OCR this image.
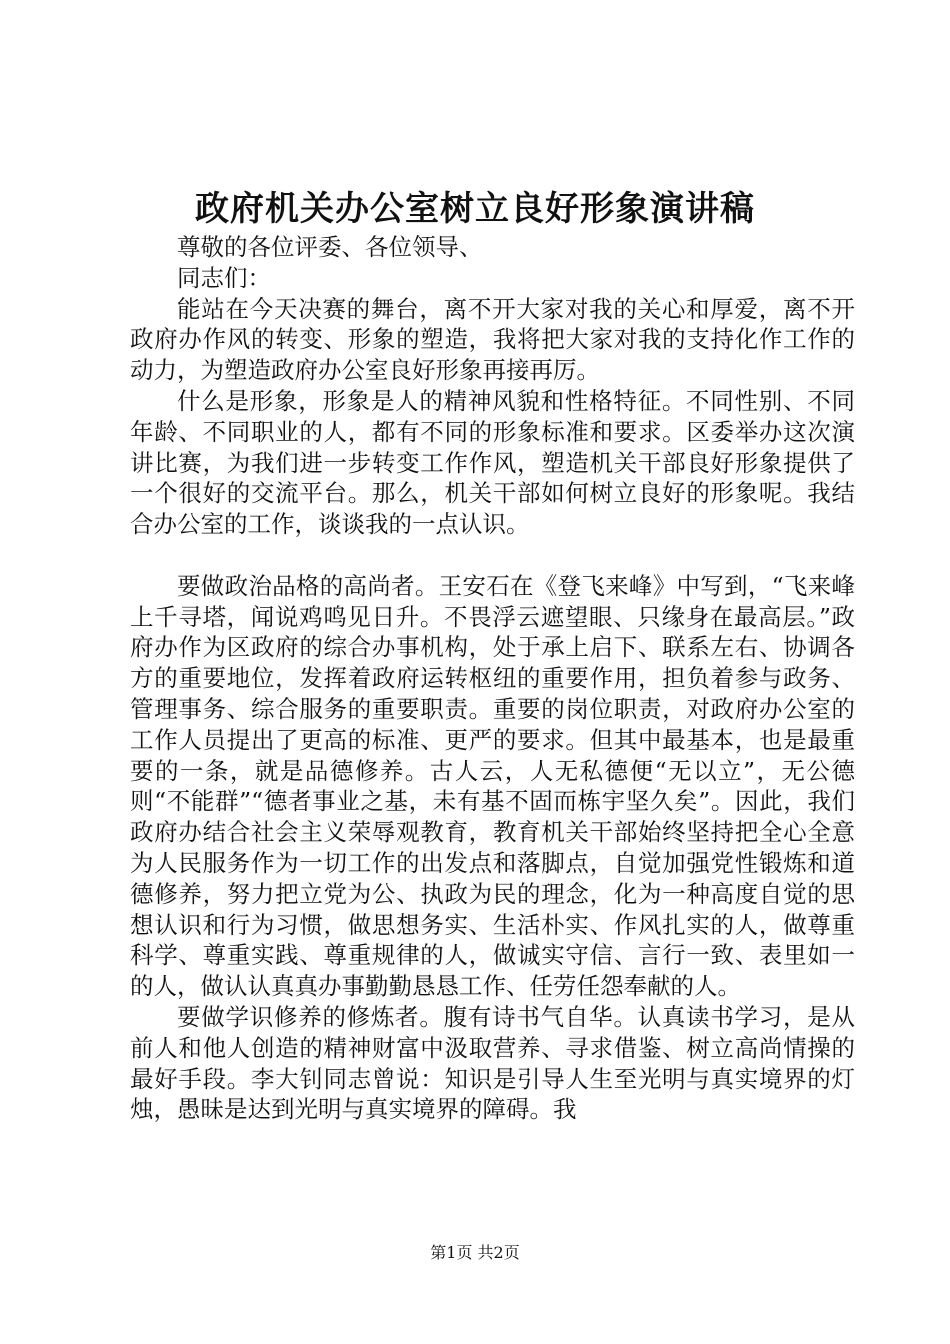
政府机关办公室树立良好形象演讲稿

尊敬的各位评委、各位领导、

同志们：

能站在今天决赛的舞台，离不开大家对我的关心和厚爱，离不开政府办作风的转变、形象的塑造，我将把大家对我的支持化作工作的动力，为塑造政府办公室良好形象再接再厉。

什么是形象，形象是人的精神风貌和性格特征。不同性别、不同年龄、不同职业的人，都有不同的形象标准和要求。区委举办这次演讲比赛，为我们进一步转变工作作风，塑造机关干部良好形象提供了一个很好的交流平台。那么，机关干部如何树立良好的形象呢。我结合办公室的工作，谈谈我的一点认识。

要做政治品格的高尚者。王安石在《登飞来峰》中写到，“飞来峰上千寻塔，闻说鸡鸣见日升。不畏浮云遮望眼、只缘身在最高层。”政府办作为区政府的综合办事机构，处于承上启下、联系左右、协调各方的重要地位，发挥着政府运转枢纽的重要作用，担负着参与政务、管理事务、综合服务的重要职责。重要的岗位职责，对政府办公室的工作人员提出了更高的标准、更严的要求。但其中最基本，也是最重要的一条，就是品德修养。古人云，人无私德便“无以立”，无公德则“不能群”“德者事业之基，未有基不固而栋宇坚久矣”。因此，我们政府办结合社会主义荣辱观教育，教育机关干部始终坚持把全心全意为人民服务作为一切工作的出发点和落脚点，自觉加强党性锻炼和道德修养，努力把立党为公、执政为民的理念，化为一种高度自觉的思想认识和行为习惯，做思想务实、生活朴实、作风扎实的人，做尊重科学、尊重实践、尊重规律的人，做诚实守信、言行一致、表里如一的人，做认认真真办事勤勤恳恳工作、任劳任怨奉献的人。

要做学识修养的修炼者。腹有诗书气自华。认真读书学习，是从前人和他人创造的精神财富中汲取营养、寻求借鉴、树立高尚情操的最好手段。李大钊同志曾说：知识是引导人生至光明与真实境界的灯烛，愚昧是达到光明与真实境界的障碍。我

第1页 共2页
